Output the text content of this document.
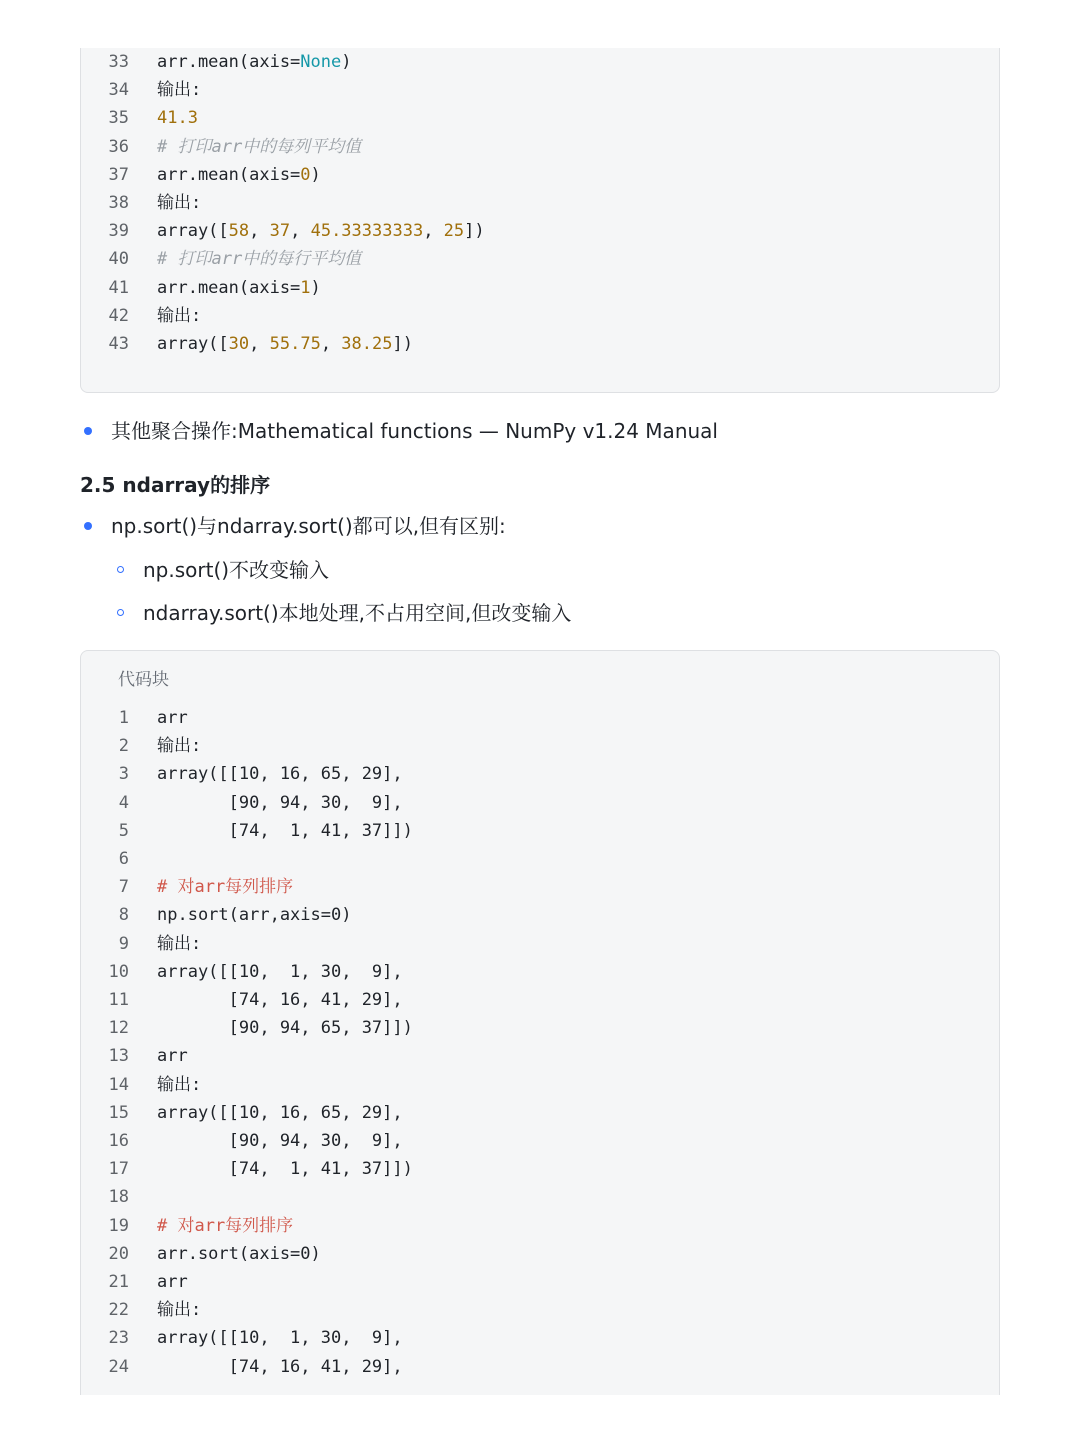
33 arr.mean(axis=None)
34 输出:
35 41.3
36 # 打印arr中的每列平均值
37 arr.mean(axis=0)
38 输出:
39 array([58, 37, 45.33333333, 25])
40 # 打印arr中的每行平均值
41 arr.mean(axis=1)
42 输出:
43 array([30, 55.75, 38.25])
其他聚合操作:Mathematical functions — NumPy v1.24 Manual
2.5 ndarray的排序
np.sort()与ndarray.sort()都可以,但有区别:
np.sort()不改变输入
ndarray.sort()本地处理,不占用空间,但改变输入
代码块
1 arr
2 输出:
3 array([[10, 16, 65, 29],
4 [90, 94, 30,  9],
5 [74,  1, 41, 37]])
6
7 # 对arr每列排序
8 np.sort(arr,axis=0)
9 输出:
10 array([[10,  1, 30,  9],
11 [74, 16, 41, 29],
12 [90, 94, 65, 37]])
13 arr
14 输出:
15 array([[10, 16, 65, 29],
16 [90, 94, 30,  9],
17 [74,  1, 41, 37]])
18
19 # 对arr每列排序
20 arr.sort(axis=0)
21 arr
22 输出:
23 array([[10,  1, 30,  9],
24 [74, 16, 41, 29],
